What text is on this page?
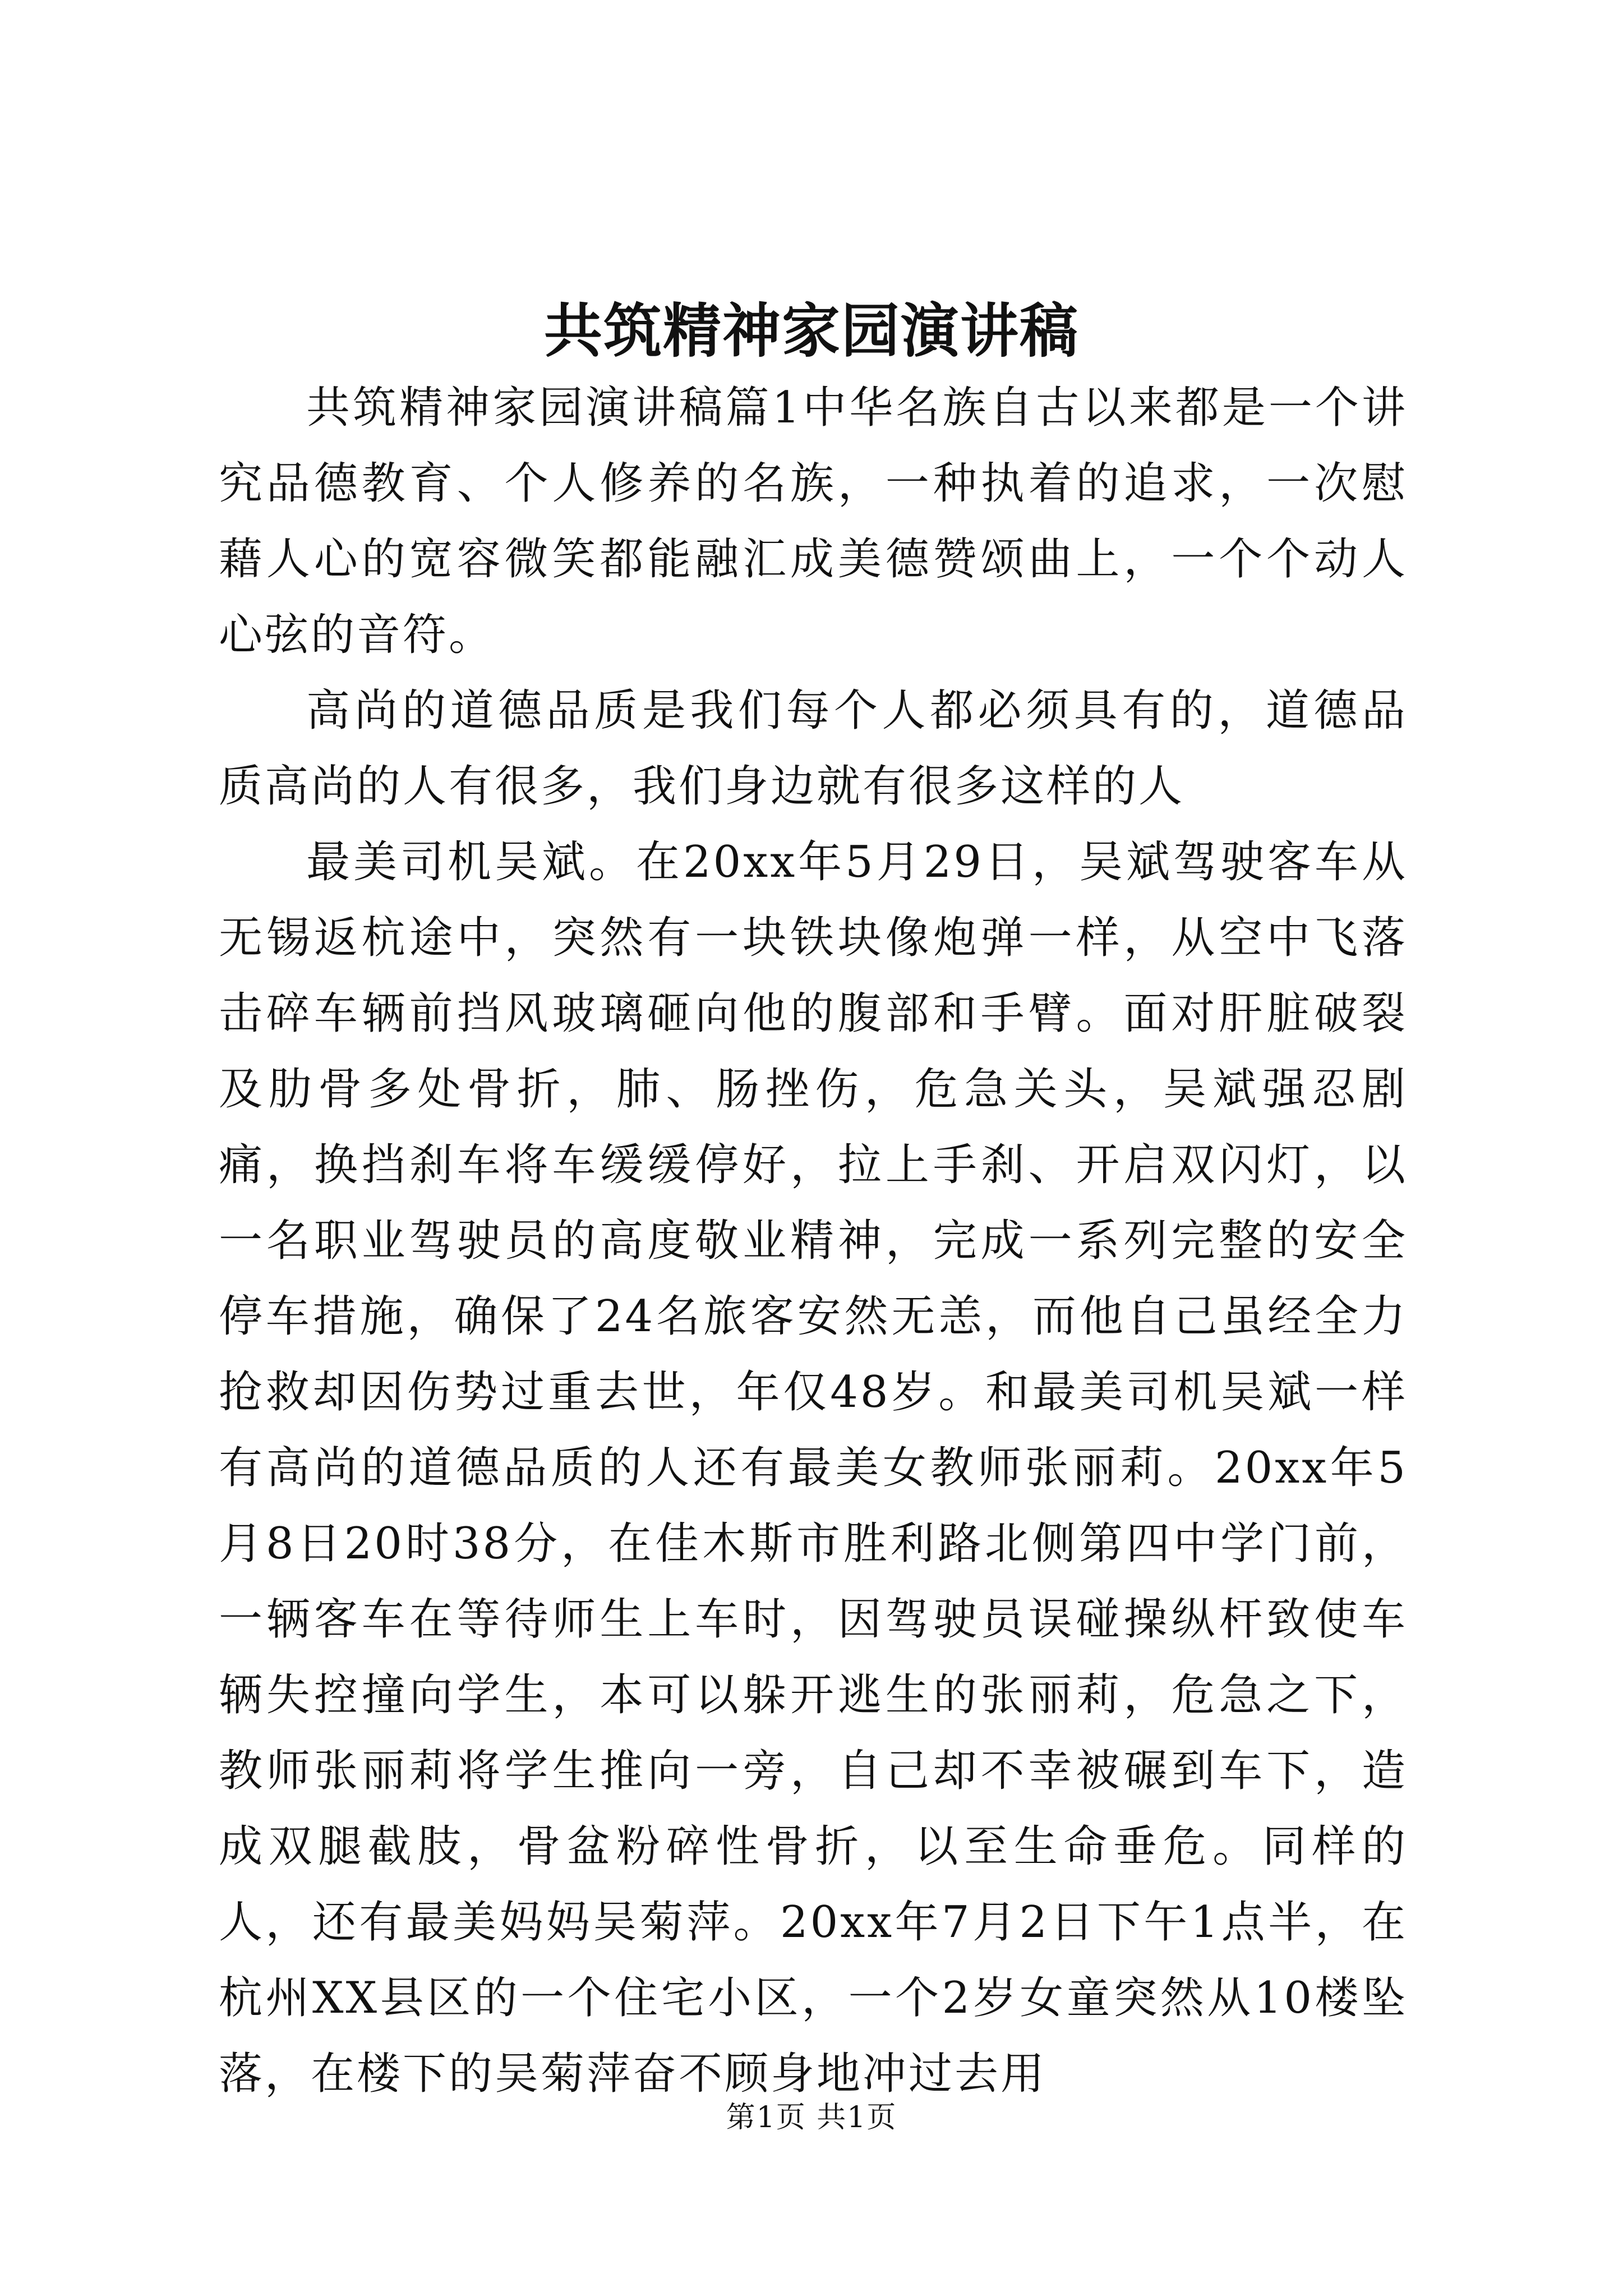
共筑精神家园演讲稿

共筑精神家园演讲稿篇1中华名族自古以来都是一个讲究品德教育、个人修养的名族，一种执着的追求，一次慰藉人心的宽容微笑都能融汇成美德赞颂曲上，一个个动人心弦的音符。

高尚的道德品质是我们每个人都必须具有的，道德品质高尚的人有很多，我们身边就有很多这样的人

最美司机吴斌。在20xx年5月29日，吴斌驾驶客车从无锡返杭途中，突然有一块铁块像炮弹一样，从空中飞落击碎车辆前挡风玻璃砸向他的腹部和手臂。面对肝脏破裂及肋骨多处骨折，肺、肠挫伤，危急关头，吴斌强忍剧痛，换挡刹车将车缓缓停好，拉上手刹、开启双闪灯，以一名职业驾驶员的高度敬业精神，完成一系列完整的安全停车措施，确保了24名旅客安然无恙，而他自己虽经全力抢救却因伤势过重去世，年仅48岁。和最美司机吴斌一样有高尚的道德品质的人还有最美女教师张丽莉。20xx年5月8日20时38分，在佳木斯市胜利路北侧第四中学门前，一辆客车在等待师生上车时，因驾驶员误碰操纵杆致使车辆失控撞向学生，本可以躲开逃生的张丽莉，危急之下，教师张丽莉将学生推向一旁，自己却不幸被碾到车下，造成双腿截肢，骨盆粉碎性骨折，以至生命垂危。同样的人，还有最美妈妈吴菊萍。20xx年7月2日下午1点半，在杭州XX县区的一个住宅小区，一个2岁女童突然从10楼坠落，在楼下的吴菊萍奋不顾身地冲过去用

第1页 共1页
